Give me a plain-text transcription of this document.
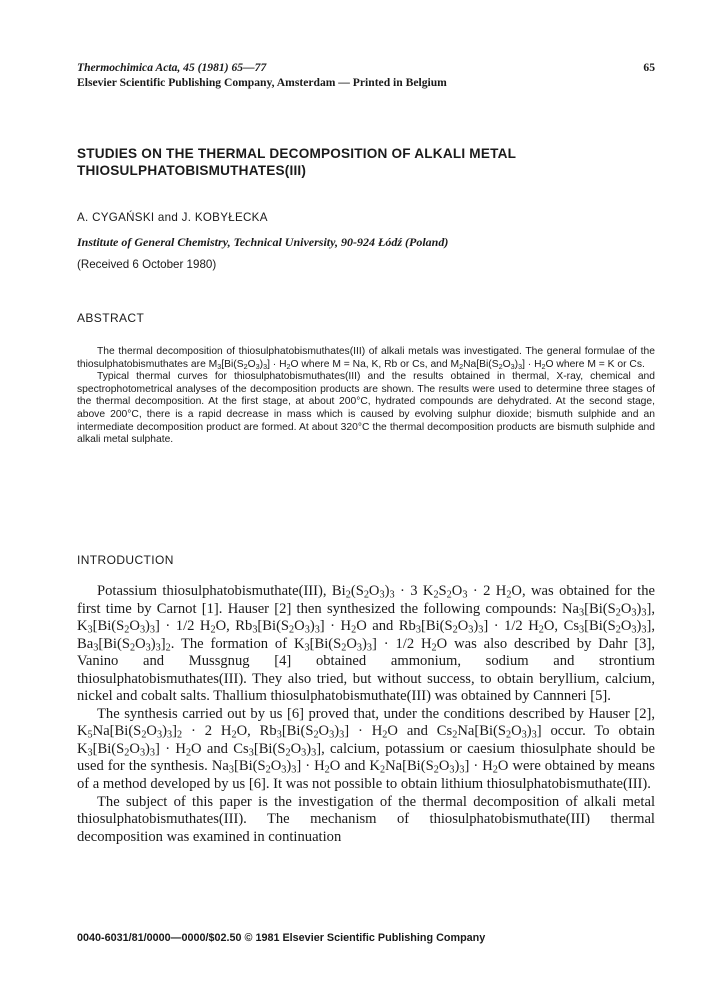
Thermochimica Acta, 45 (1981) 65—77	65
Elsevier Scientific Publishing Company, Amsterdam — Printed in Belgium
STUDIES ON THE THERMAL DECOMPOSITION OF ALKALI METAL
THIOSULPHATOBISMUTHATES(III)
A. CYGAŃSKI and J. KOBYŁECKA
Institute of General Chemistry, Technical University, 90-924 Łódź (Poland)
(Received 6 October 1980)
ABSTRACT

The thermal decomposition of thiosulphatobismuthates(III) of alkali metals was investigated. The general formulae of the thiosulphatobismuthates are $M_3[Bi(S_2O_3)_3] \cdot H_2O$ where M = Na, K, Rb or Cs, and $M_2Na[Bi(S_2O_3)_3] \cdot H_2O$ where M = K or Cs.

Typical thermal curves for thiosulphatobismuthates(III) and the results obtained in thermal, X-ray, chemical and spectrophotometrical analyses of the decomposition products are shown. The results were used to determine three stages of the thermal decomposition. At the first stage, at about 200°C, hydrated compounds are dehydrated. At the second stage, above 200°C, there is a rapid decrease in mass which is caused by evolving sulphur dioxide; bismuth sulphide and an intermediate decomposition product are formed. At about 320°C the thermal decomposition products are bismuth sulphide and alkali metal sulphate.

INTRODUCTION

Potassium thiosulphatobismuthate(III), $Bi_2(S_2O_3)_3 \cdot 3$ $K_2S_2O_3 \cdot 2$ $H_2O$, was obtained for the first time by Carnot [1]. Hauser [2] then synthesized the following compounds: $Na_3[Bi(S_2O_3)_3]$, $K_3[Bi(S_2O_3)_3] \cdot 1/2$ $H_2O$, $Rb_3[Bi(S_2O_3)_3] \cdot H_2O$ and $Rb_3[Bi(S_2O_3)_3] \cdot 1/2$ $H_2O$, $Cs_3[Bi(S_2O_3)_3]$, $Ba_3[Bi(S_2O_3)_3]_2$. The formation of $K_3[Bi(S_2O_3)_3] \cdot 1/2$ $H_2O$ was also described by Dahr [3], Vanino and Mussgnug [4] obtained ammonium, sodium and strontium thiosulphatobismuthates(III). They also tried, but without success, to obtain beryllium, calcium, nickel and cobalt salts. Thallium thiosulphatobismuthate(III) was obtained by Cannneri [5].

The synthesis carried out by us [6] proved that, under the conditions described by Hauser [2], $K_5Na[Bi(S_2O_3)_3]_2 \cdot 2$ $H_2O$, $Rb_3[Bi(S_2O_3)_3] \cdot H_2O$ and $Cs_2Na[Bi(S_2O_3)_3]$ occur. To obtain $K_3[Bi(S_2O_3)_3] \cdot H_2O$ and $Cs_3[Bi(S_2O_3)_3]$, calcium, potassium or caesium thiosulphate should be used for the synthesis. $Na_3[Bi(S_2O_3)_3] \cdot H_2O$ and $K_2Na[Bi(S_2O_3)_3] \cdot H_2O$ were obtained by means of a method developed by us [6]. It was not possible to obtain lithium thiosulphatobismuthate(III).

The subject of this paper is the investigation of the thermal decomposition of alkali metal thiosulphatobismuthates(III). The mechanism of thiosulphatobismuthate(III) thermal decomposition was examined in continuation

0040-6031/81/0000—0000/$02.50 © 1981 Elsevier Scientific Publishing Company
